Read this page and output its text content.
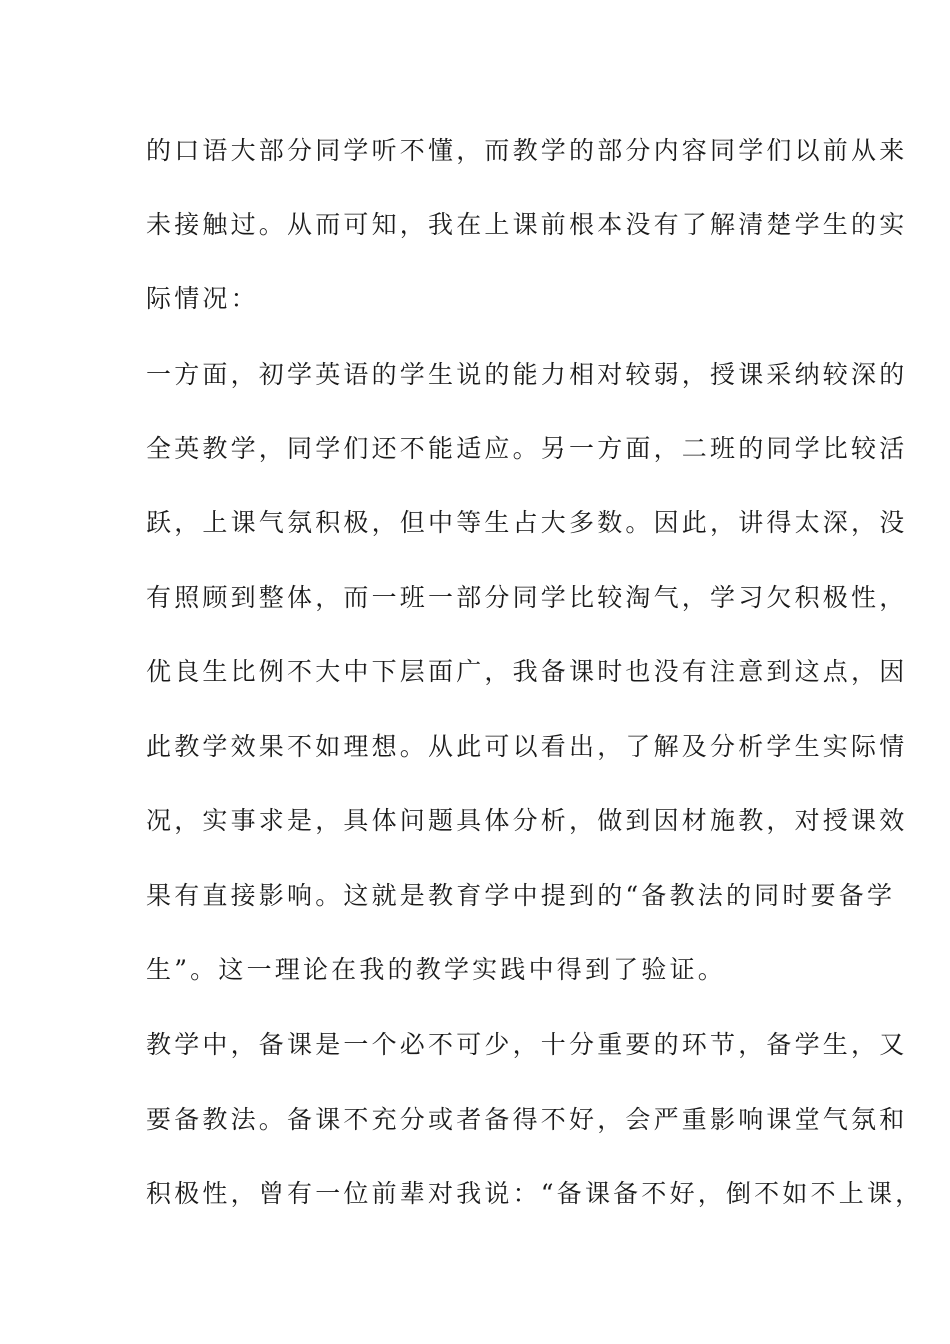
的口语大部分同学听不懂，而教学的部分内容同学们以前从来
未接触过。从而可知，我在上课前根本没有了解清楚学生的实
际情况：
一方面，初学英语的学生说的能力相对较弱，授课采纳较深的
全英教学，同学们还不能适应。另一方面，二班的同学比较活
跃，上课气氛积极，但中等生占大多数。因此，讲得太深，没
有照顾到整体，而一班一部分同学比较淘气，学习欠积极性，
优良生比例不大中下层面广，我备课时也没有注意到这点，因
此教学效果不如理想。从此可以看出，了解及分析学生实际情
况，实事求是，具体问题具体分析，做到因材施教，对授课效
果有直接影响。这就是教育学中提到的“备教法的同时要备学
生”。这一理论在我的教学实践中得到了验证。
教学中，备课是一个必不可少，十分重要的环节，备学生，又
要备教法。备课不充分或者备得不好，会严重影响课堂气氛和
积极性，曾有一位前辈对我说：“备课备不好，倒不如不上课，
